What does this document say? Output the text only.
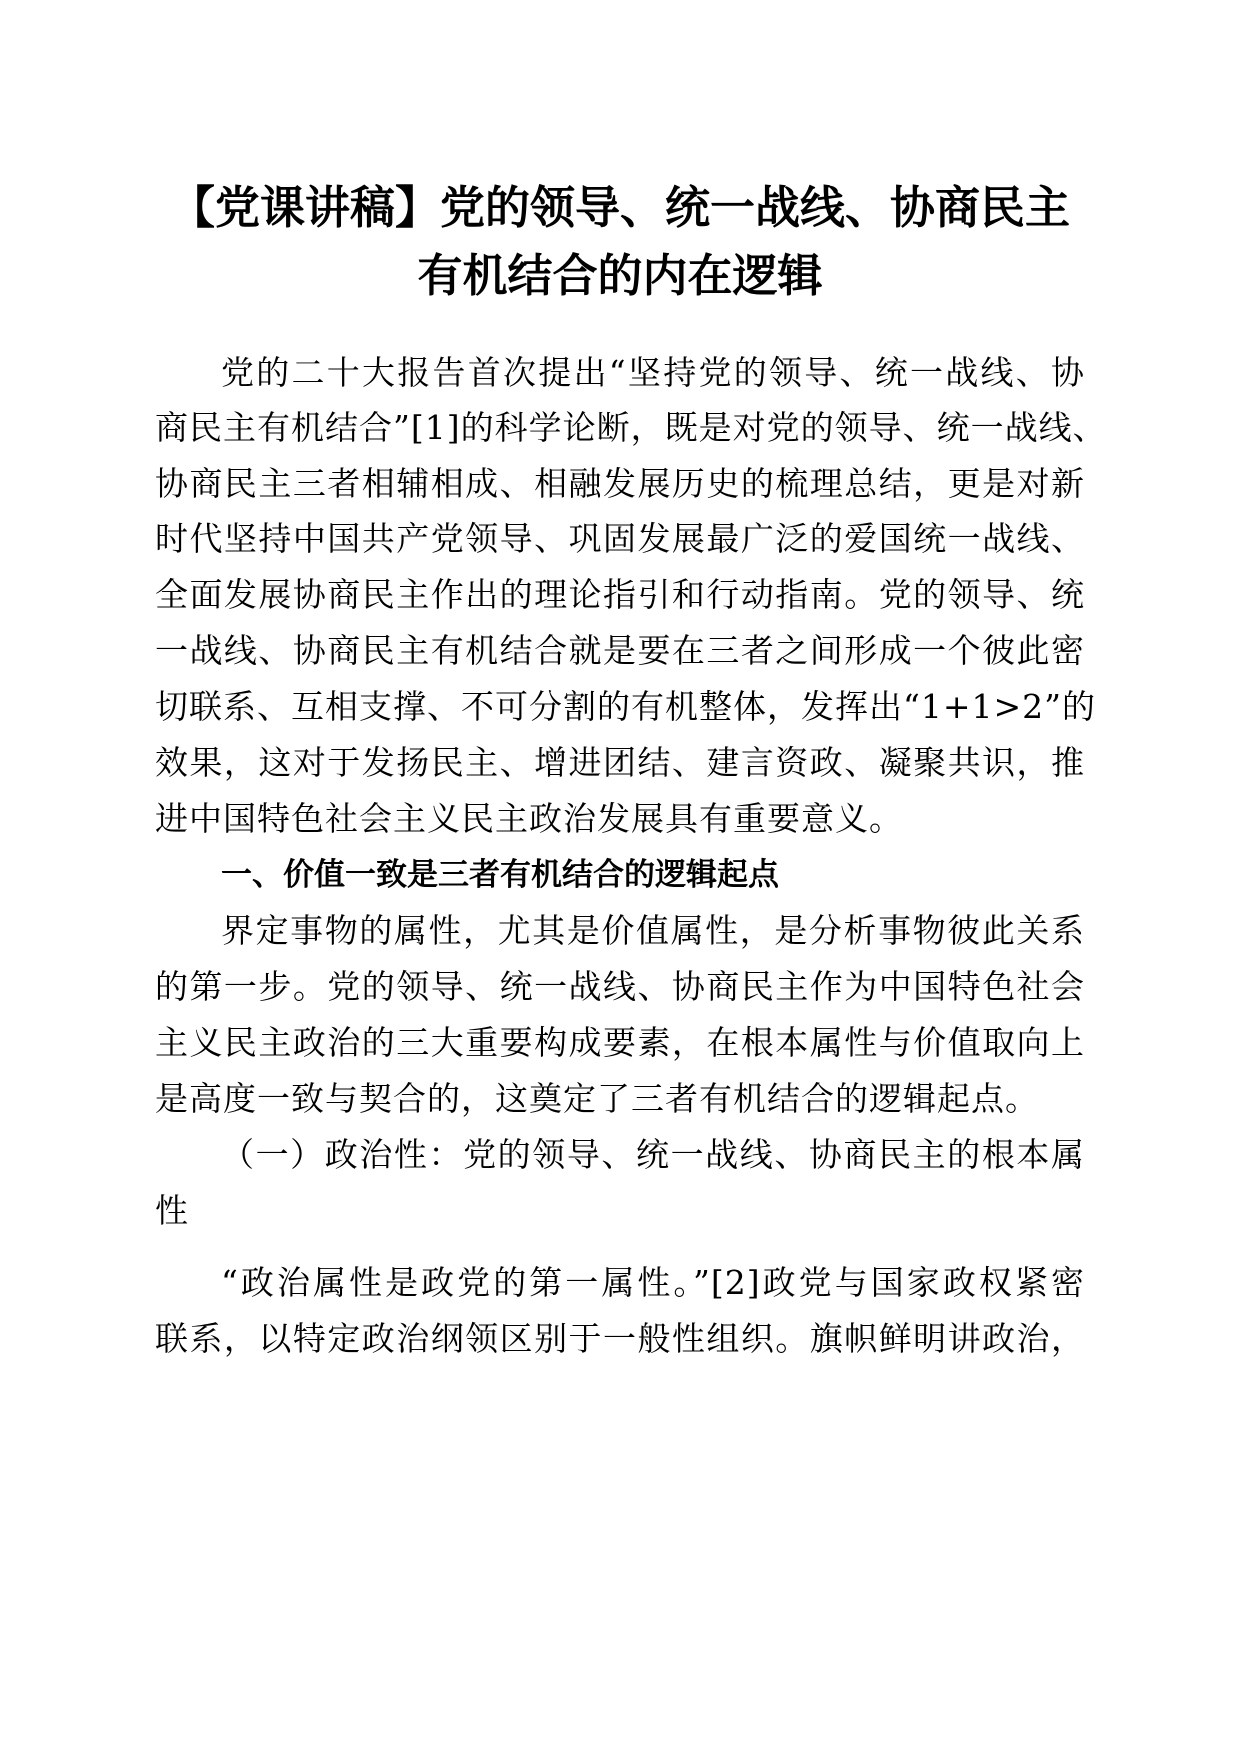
【党课讲稿】党的领导、统一战线、协商民主
有机结合的内在逻辑

党的二十大报告首次提出“坚持党的领导、统一战线、协

商民主有机结合”[1]的科学论断，既是对党的领导、统一战线、

协商民主三者相辅相成、相融发展历史的梳理总结，更是对新

时代坚持中国共产党领导、巩固发展最广泛的爱国统一战线、

全面发展协商民主作出的理论指引和行动指南。党的领导、统

一战线、协商民主有机结合就是要在三者之间形成一个彼此密

切联系、互相支撑、不可分割的有机整体，发挥出“1+1>2”的

效果，这对于发扬民主、增进团结、建言资政、凝聚共识，推

进中国特色社会主义民主政治发展具有重要意义。

一、价值一致是三者有机结合的逻辑起点

界定事物的属性，尤其是价值属性，是分析事物彼此关系

的第一步。党的领导、统一战线、协商民主作为中国特色社会

主义民主政治的三大重要构成要素，在根本属性与价值取向上

是高度一致与契合的，这奠定了三者有机结合的逻辑起点。

（一）政治性：党的领导、统一战线、协商民主的根本属

性

“政治属性是政党的第一属性。”[2]政党与国家政权紧密

联系，以特定政治纲领区别于一般性组织。旗帜鲜明讲政治，
